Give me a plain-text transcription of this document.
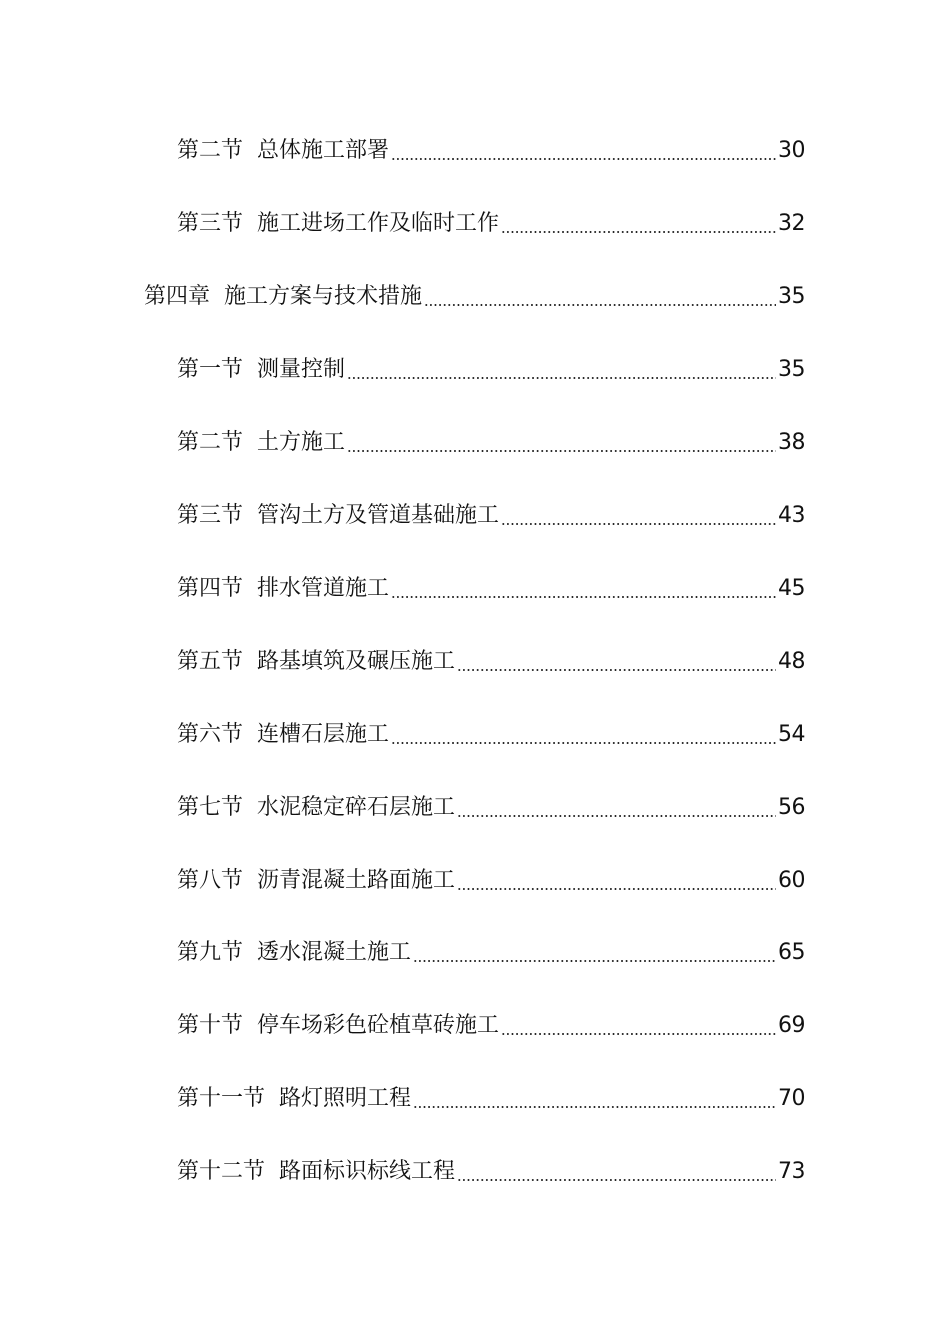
第二节 总体施工部署	30
第三节 施工进场工作及临时工作	32
第四章 施工方案与技术措施	35
第一节 测量控制	35
第二节 土方施工	38
第三节 管沟土方及管道基础施工	43
第四节 排水管道施工	45
第五节 路基填筑及碾压施工	48
第六节 连槽石层施工	54
第七节 水泥稳定碎石层施工	56
第八节 沥青混凝土路面施工	60
第九节 透水混凝土施工	65
第十节 停车场彩色砼植草砖施工	69
第十一节 路灯照明工程	70
第十二节 路面标识标线工程	73
